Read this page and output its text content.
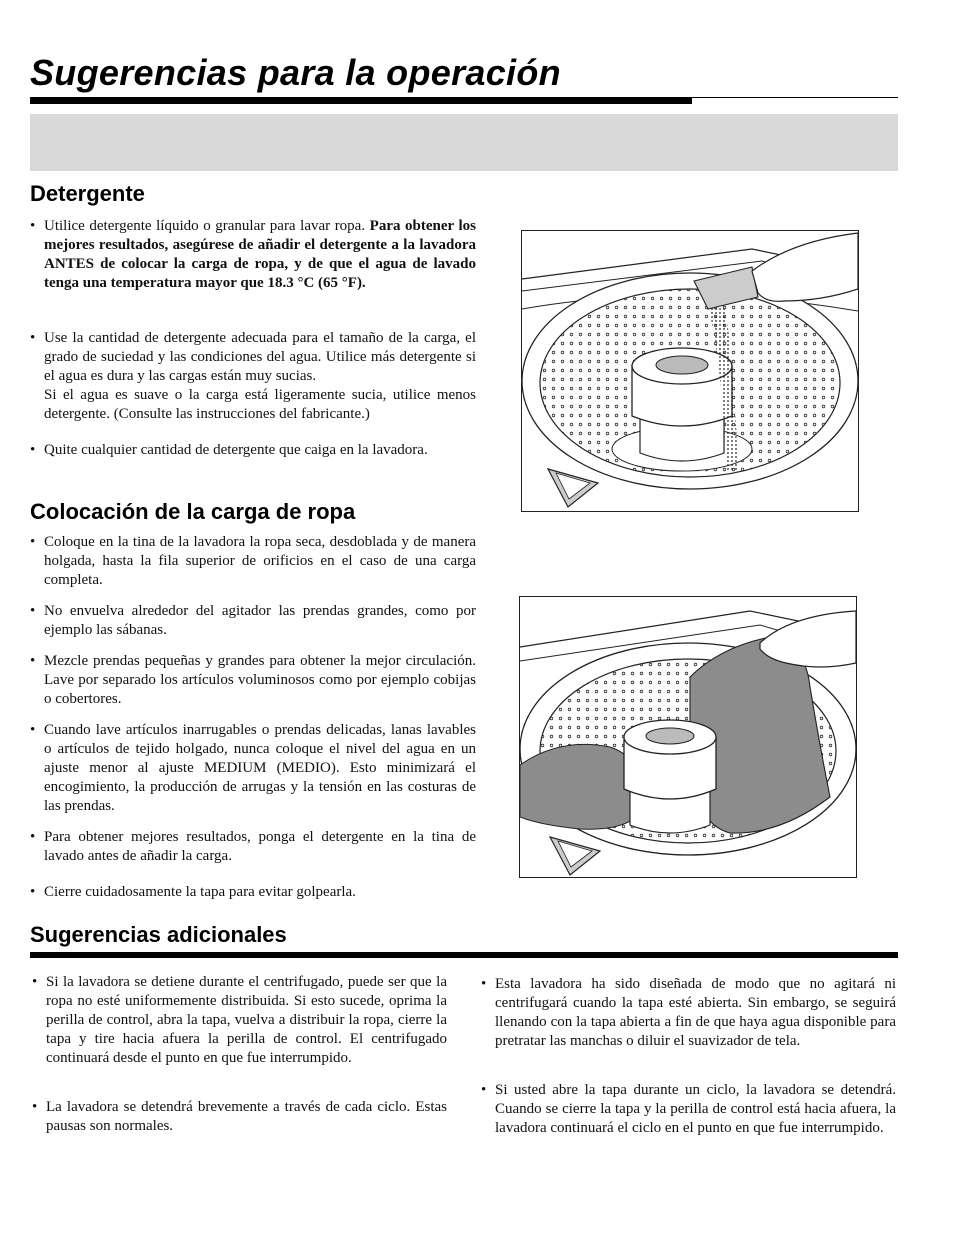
Sugerencias para la operación
Detergente
• Utilice detergente líquido o granular para lavar ropa. Para obtener los mejores resultados, asegúrese de añadir el detergente a la lavadora ANTES de colocar la carga de ropa, y de que el agua de lavado tenga una temperatura mayor que 18.3 °C (65 °F).
• Use la cantidad de detergente adecuada para el tamaño de la carga, el grado de suciedad y las condiciones del agua. Utilice más detergente si el agua es dura y las cargas están muy sucias.

Si el agua es suave o la carga está ligeramente sucia, utilice menos detergente. (Consulte las instrucciones del fabricante.)

• Quite cualquier cantidad de detergente que caiga en la lavadora.
Colocación de la carga de ropa
• Coloque en la tina de la lavadora la ropa seca, desdoblada y de manera holgada, hasta la fila superior de orificios en el caso de una carga completa.
• No envuelva alrededor del agitador las prendas grandes, como por ejemplo las sábanas.
• Mezcle prendas pequeñas y grandes para obtener la mejor circulación. Lave por separado los artículos voluminosos como por ejemplo cobijas o cobertores.
• Cuando lave artículos inarrugables o prendas delicadas, lanas lavables o artículos de tejido holgado, nunca coloque el nivel del agua en un ajuste menor al ajuste MEDIUM (MEDIO). Esto minimizará el encogimiento, la producción de arrugas y la tensión en las costuras de las prendas.
• Para obtener mejores resultados, ponga el detergente en la tina de lavado antes de añadir la carga.
• Cierre cuidadosamente la tapa para evitar golpearla.
Sugerencias adicionales
• Si la lavadora se detiene durante el centrifugado, puede ser que la ropa no esté uniformemente distribuida. Si esto sucede, oprima la perilla de control, abra la tapa, vuelva a distribuir la ropa, cierre la tapa y tire hacia afuera la perilla de control. El centrifugado continuará desde el punto en que fue interrumpido.
• La lavadora se detendrá brevemente a través de cada ciclo. Estas pausas son normales.
• Esta lavadora ha sido diseñada de modo que no agitará ni centrifugará cuando la tapa esté abierta. Sin embargo, se seguirá llenando con la tapa abierta a fin de que haya agua disponible para pretratar las manchas o diluir el suavizador de tela.
• Si usted abre la tapa durante un ciclo, la lavadora se detendrá. Cuando se cierre la tapa y la perilla de control está hacia afuera, la lavadora continuará el ciclo en el punto en que fue interrumpido.
